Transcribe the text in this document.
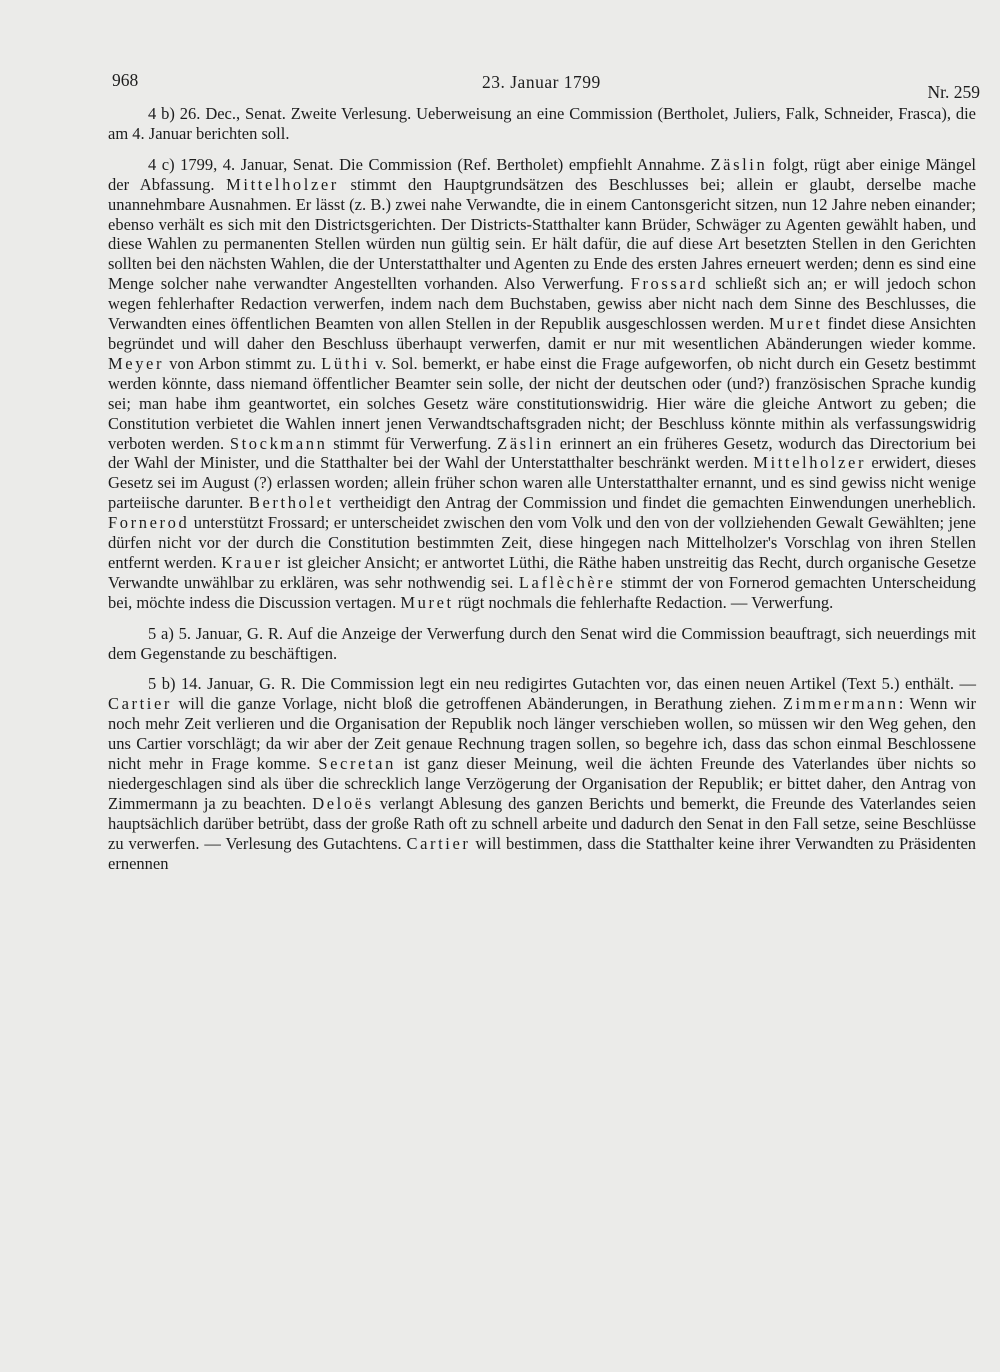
968	23. Januar 1799	Nr. 259

4 b) 26. Dec., Senat. Zweite Verlesung. Ueberweisung an eine Commission (Bertholet, Juliers, Falk, Schneider, Frasca), die am 4. Januar berichten soll.

4 c) 1799, 4. Januar, Senat. Die Commission (Ref. Bertholet) empfiehlt Annahme. Zäslin folgt, rügt aber einige Mängel der Abfassung. Mittelholzer stimmt den Hauptgrundsätzen des Beschlusses bei; allein er glaubt, derselbe mache unannehmbare Ausnahmen. Er lässt (z. B.) zwei nahe Verwandte, die in einem Cantonsgericht sitzen, nun 12 Jahre neben einander; ebenso verhält es sich mit den Districtsgerichten. Der Districts-Statthalter kann Brüder, Schwäger zu Agenten gewählt haben, und diese Wahlen zu permanenten Stellen würden nun gültig sein. Er hält dafür, die auf diese Art besetzten Stellen in den Gerichten sollten bei den nächsten Wahlen, die der Unterstatthalter und Agenten zu Ende des ersten Jahres erneuert werden; denn es sind eine Menge solcher nahe verwandter Angestellten vorhanden. Also Verwerfung. Frossard schließt sich an; er will jedoch schon wegen fehlerhafter Redaction verwerfen, indem nach dem Buchstaben, gewiss aber nicht nach dem Sinne des Beschlusses, die Verwandten eines öffentlichen Beamten von allen Stellen in der Republik ausgeschlossen werden. Muret findet diese Ansichten begründet und will daher den Beschluss überhaupt verwerfen, damit er nur mit wesentlichen Abänderungen wieder komme. Meyer von Arbon stimmt zu. Lüthi v. Sol. bemerkt, er habe einst die Frage aufgeworfen, ob nicht durch ein Gesetz bestimmt werden könnte, dass niemand öffentlicher Beamter sein solle, der nicht der deutschen oder (und?) französischen Sprache kundig sei; man habe ihm geantwortet, ein solches Gesetz wäre constitutionswidrig. Hier wäre die gleiche Antwort zu geben; die Constitution verbietet die Wahlen innert jenen Verwandtschaftsgraden nicht; der Beschluss könnte mithin als verfassungswidrig verboten werden. Stockmann stimmt für Verwerfung. Zäslin erinnert an ein früheres Gesetz, wodurch das Directorium bei der Wahl der Minister, und die Statthalter bei der Wahl der Unterstatthalter beschränkt werden. Mittelholzer erwidert, dieses Gesetz sei im August (?) erlassen worden; allein früher schon waren alle Unterstatthalter ernannt, und es sind gewiss nicht wenige parteiische darunter. Bertholet vertheidigt den Antrag der Commission und findet die gemachten Einwendungen unerheblich. Fornerod unterstützt Frossard; er unterscheidet zwischen den vom Volk und den von der vollziehenden Gewalt Gewählten; jene dürfen nicht vor der durch die Constitution bestimmten Zeit, diese hingegen nach Mittelholzer's Vorschlag von ihren Stellen entfernt werden. Krauer ist gleicher Ansicht; er antwortet Lüthi, die Räthe haben unstreitig das Recht, durch organische Gesetze Verwandte unwählbar zu erklären, was sehr nothwendig sei. Laflèchère stimmt der von Fornerod gemachten Unterscheidung bei, möchte indess die Discussion vertagen. Muret rügt nochmals die fehlerhafte Redaction. — Verwerfung.

5 a) 5. Januar, G. R. Auf die Anzeige der Verwerfung durch den Senat wird die Commission beauftragt, sich neuerdings mit dem Gegenstande zu beschäftigen.

5 b) 14. Januar, G. R. Die Commission legt ein neu redigirtes Gutachten vor, das einen neuen Artikel (Text 5.) enthält. — Cartier will die ganze Vorlage, nicht bloß die getroffenen Abänderungen, in Berathung ziehen. Zimmermann: Wenn wir noch mehr Zeit verlieren und die Organisation der Republik noch länger verschieben wollen, so müssen wir den Weg gehen, den uns Cartier vorschlägt; da wir aber der Zeit genaue Rechnung tragen sollen, so begehre ich, dass das schon einmal Beschlossene nicht mehr in Frage komme. Secretan ist ganz dieser Meinung, weil die ächten Freunde des Vaterlandes über nichts so niedergeschlagen sind als über die schrecklich lange Verzögerung der Organisation der Republik; er bittet daher, den Antrag von Zimmermann ja zu beachten. Deloës verlangt Ablesung des ganzen Berichts und bemerkt, die Freunde des Vaterlandes seien hauptsächlich darüber betrübt, dass der große Rath oft zu schnell arbeite und dadurch den Senat in den Fall setze, seine Beschlüsse zu verwerfen. — Verlesung des Gutachtens. Cartier will bestimmen, dass die Statthalter keine ihrer Verwandten zu Präsidenten ernennen
